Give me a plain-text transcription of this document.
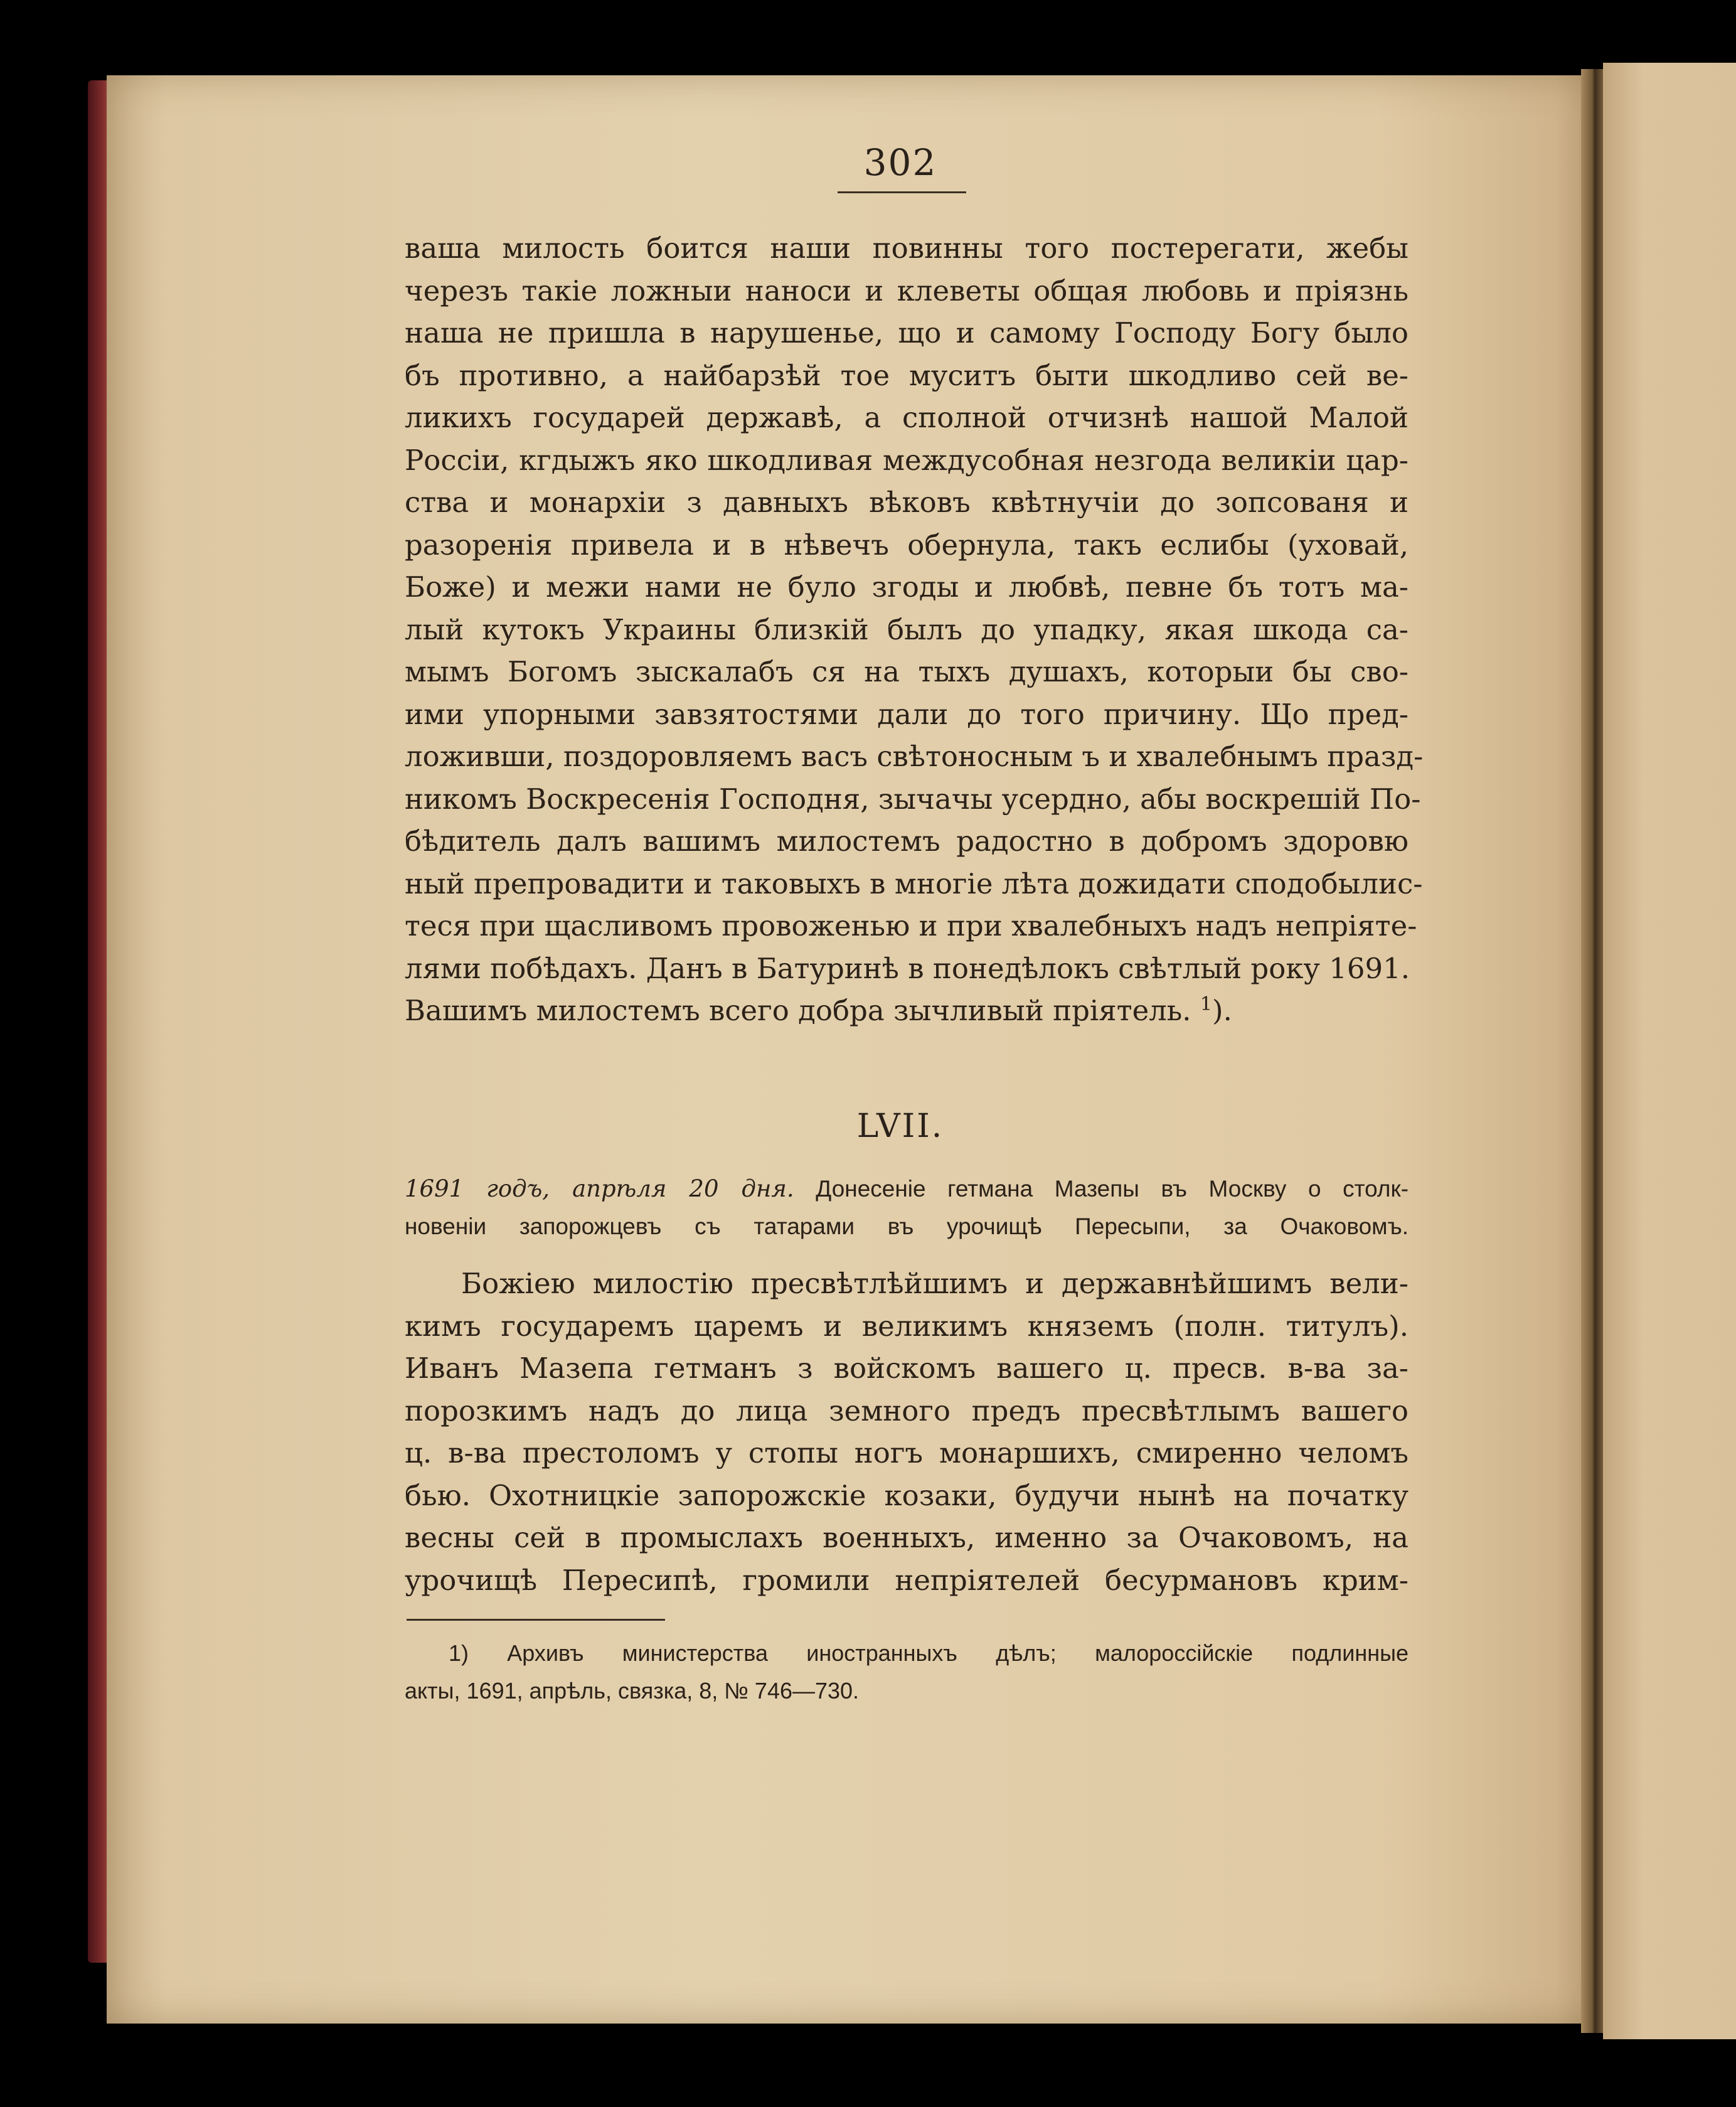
302
ваша милость боится наши повинны того постерегати, жебы
черезъ такіе ложныи наноси и клеветы общая любовь и пріязнь
наша не пришла в нарушенье, що и самому Господу Богу было
бъ противно, а найбарзѣй тое муситъ быти шкодливо сей ве-
ликихъ государей державѣ, а сполной отчизнѣ нашой Малой
Россіи, кгдыжъ яко шкодливая междусобная незгода великіи цар-
ства и монархіи з давныхъ вѣковъ квѣтнучіи до зопсованя и
разоренія привела и в нѣвечъ обернула, такъ еслибы (уховай,
Боже) и межи нами не було згоды и любвѣ, певне бъ тотъ ма-
лый кутокъ Украины близкій былъ до упадку, якая шкода са-
мымъ Богомъ зыскалабъ ся на тыхъ душахъ, которыи бы сво-
ими упорными завзятостями дали до того причину. Що пред-
ложивши, поздоровляемъ васъ свѣтоносным ъ и хвалебнымъ празд-
никомъ Воскресенія Господня, зычачы усердно, абы воскрешій По-
бѣдитель далъ вашимъ милостемъ радостно в добромъ здоровю
ный препровадити и таковыхъ в многіе лѣта дожидати сподобылис-
теся при щасливомъ провоженью и при хвалебныхъ надъ непріяте-
лями побѣдахъ. Данъ в Батуринѣ в понедѣлокъ свѣтлый року 1691.
Вашимъ милостемъ всего добра зычливый пріятель. $^1$).
LVII.
1691 годъ, апрѣля 20 дня. Донесеніе гетмана Мазепы въ Москву о столк-
новеніи запорожцевъ съ татарами въ урочищѣ Пересыпи, за Очаковомъ.
Божіею милостію пресвѣтлѣйшимъ и державнѣйшимъ вели-
кимъ государемъ царемъ и великимъ княземъ (полн. титулъ).
Иванъ Мазепа гетманъ з войскомъ вашего ц. пресв. в-ва за-
порозкимъ надъ до лица земного предъ пресвѣтлымъ вашего
ц. в-ва престоломъ у стопы ногъ монаршихъ, смиренно челомъ
бью. Охотницкіе запорожскіе козаки, будучи нынѣ на початку
весны сей в промыслахъ военныхъ, именно за Очаковомъ, на
урочищѣ Пересипѣ, громили непріятелей бесурмановъ крим-
1) Архивъ министерства иностранныхъ дѣлъ; малороссійскіе подлинные
акты, 1691, апрѣль, связка, 8, № 746—730.
